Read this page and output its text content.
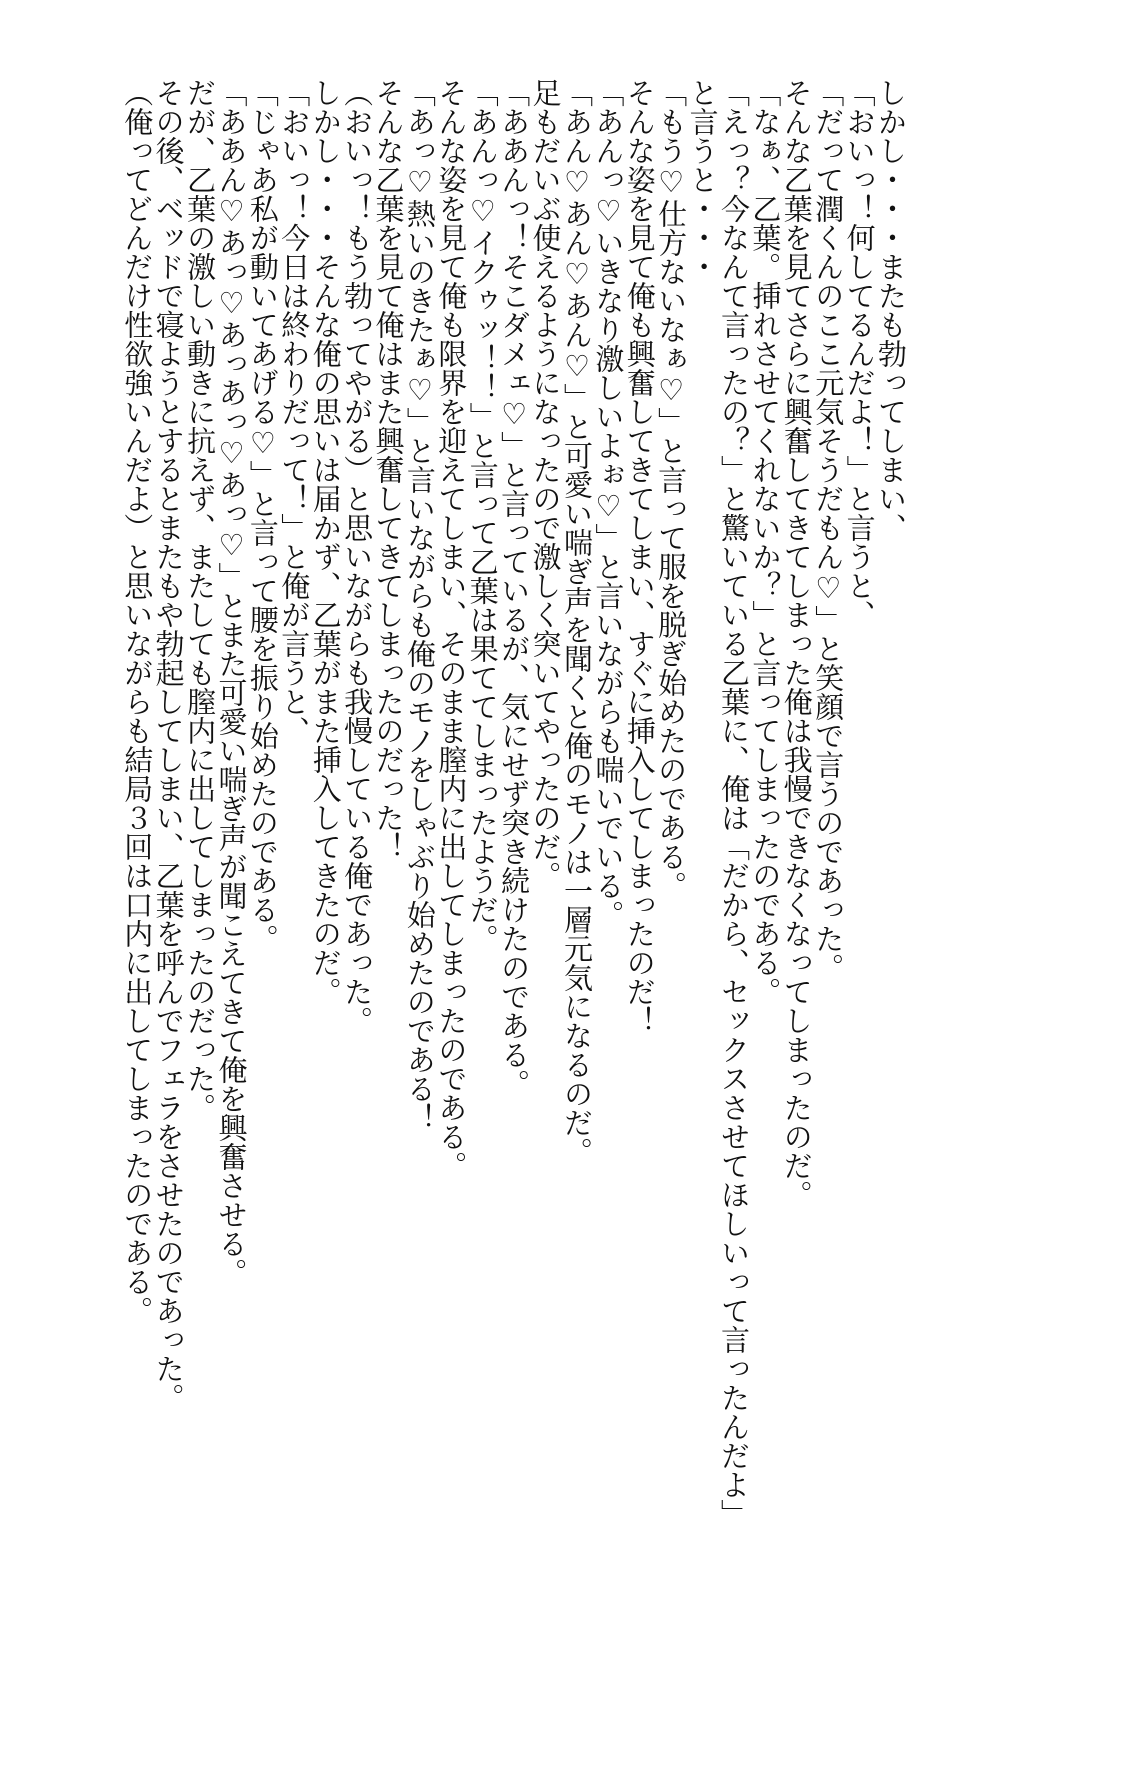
しかし・・・またも勃ってしまい、
「おいっ！何してるんだよ！」と言うと、
「だって潤くんのここ元気そうだもん♡」と笑顔で言うのであった。
そんな乙葉を見てさらに興奮してきてしまった俺は我慢できなくなってしまったのだ。
「なぁ、乙葉。挿れさせてくれないか？」と言ってしまったのである。
「えっ？今なんて言ったの？」と驚いている乙葉に、俺は「だから、セックスさせてほしいって言ったんだよ」
と言うと・・・
「もう♡仕方ないなぁ♡」と言って服を脱ぎ始めたのである。
そんな姿を見て俺も興奮してきてしまい、すぐに挿入してしまったのだ！
「あんっ♡いきなり激しいよぉ♡」と言いながらも喘いでいる。
「あん♡あん♡あん♡」と可愛い喘ぎ声を聞くと俺のモノは一層元気になるのだ。
足もだいぶ使えるようになったので激しく突いてやったのだ。
「ああんっ！そこダメェ♡」と言っているが、気にせず突き続けたのである。
「あんっ♡イクゥッ！！」と言って乙葉は果ててしまったようだ。
そんな姿を見て俺も限界を迎えてしまい、そのまま膣内に出してしまったのである。
「あっ♡熱いのきたぁ♡」と言いながらも俺のモノをしゃぶり始めたのである！
そんな乙葉を見て俺はまた興奮してきてしまったのだった！
（おいっ！もう勃ってやがる）と思いながらも我慢している俺であった。
しかし・・・そんな俺の思いは届かず、乙葉がまた挿入してきたのだ。
「おいっ！今日は終わりだって！」と俺が言うと、
「じゃあ私が動いてあげる♡」と言って腰を振り始めたのである。
「ああん♡あっ♡あっあっ♡あっ♡」とまた可愛い喘ぎ声が聞こえてきて俺を興奮させる。
だが、乙葉の激しい動きに抗えず、またしても膣内に出してしまったのだった。
その後、ベッドで寝ようとするとまたもや勃起してしまい、乙葉を呼んでフェラをさせたのであった。
（俺ってどんだけ性欲強いんだよ）と思いながらも結局３回は口内に出してしまったのである。
